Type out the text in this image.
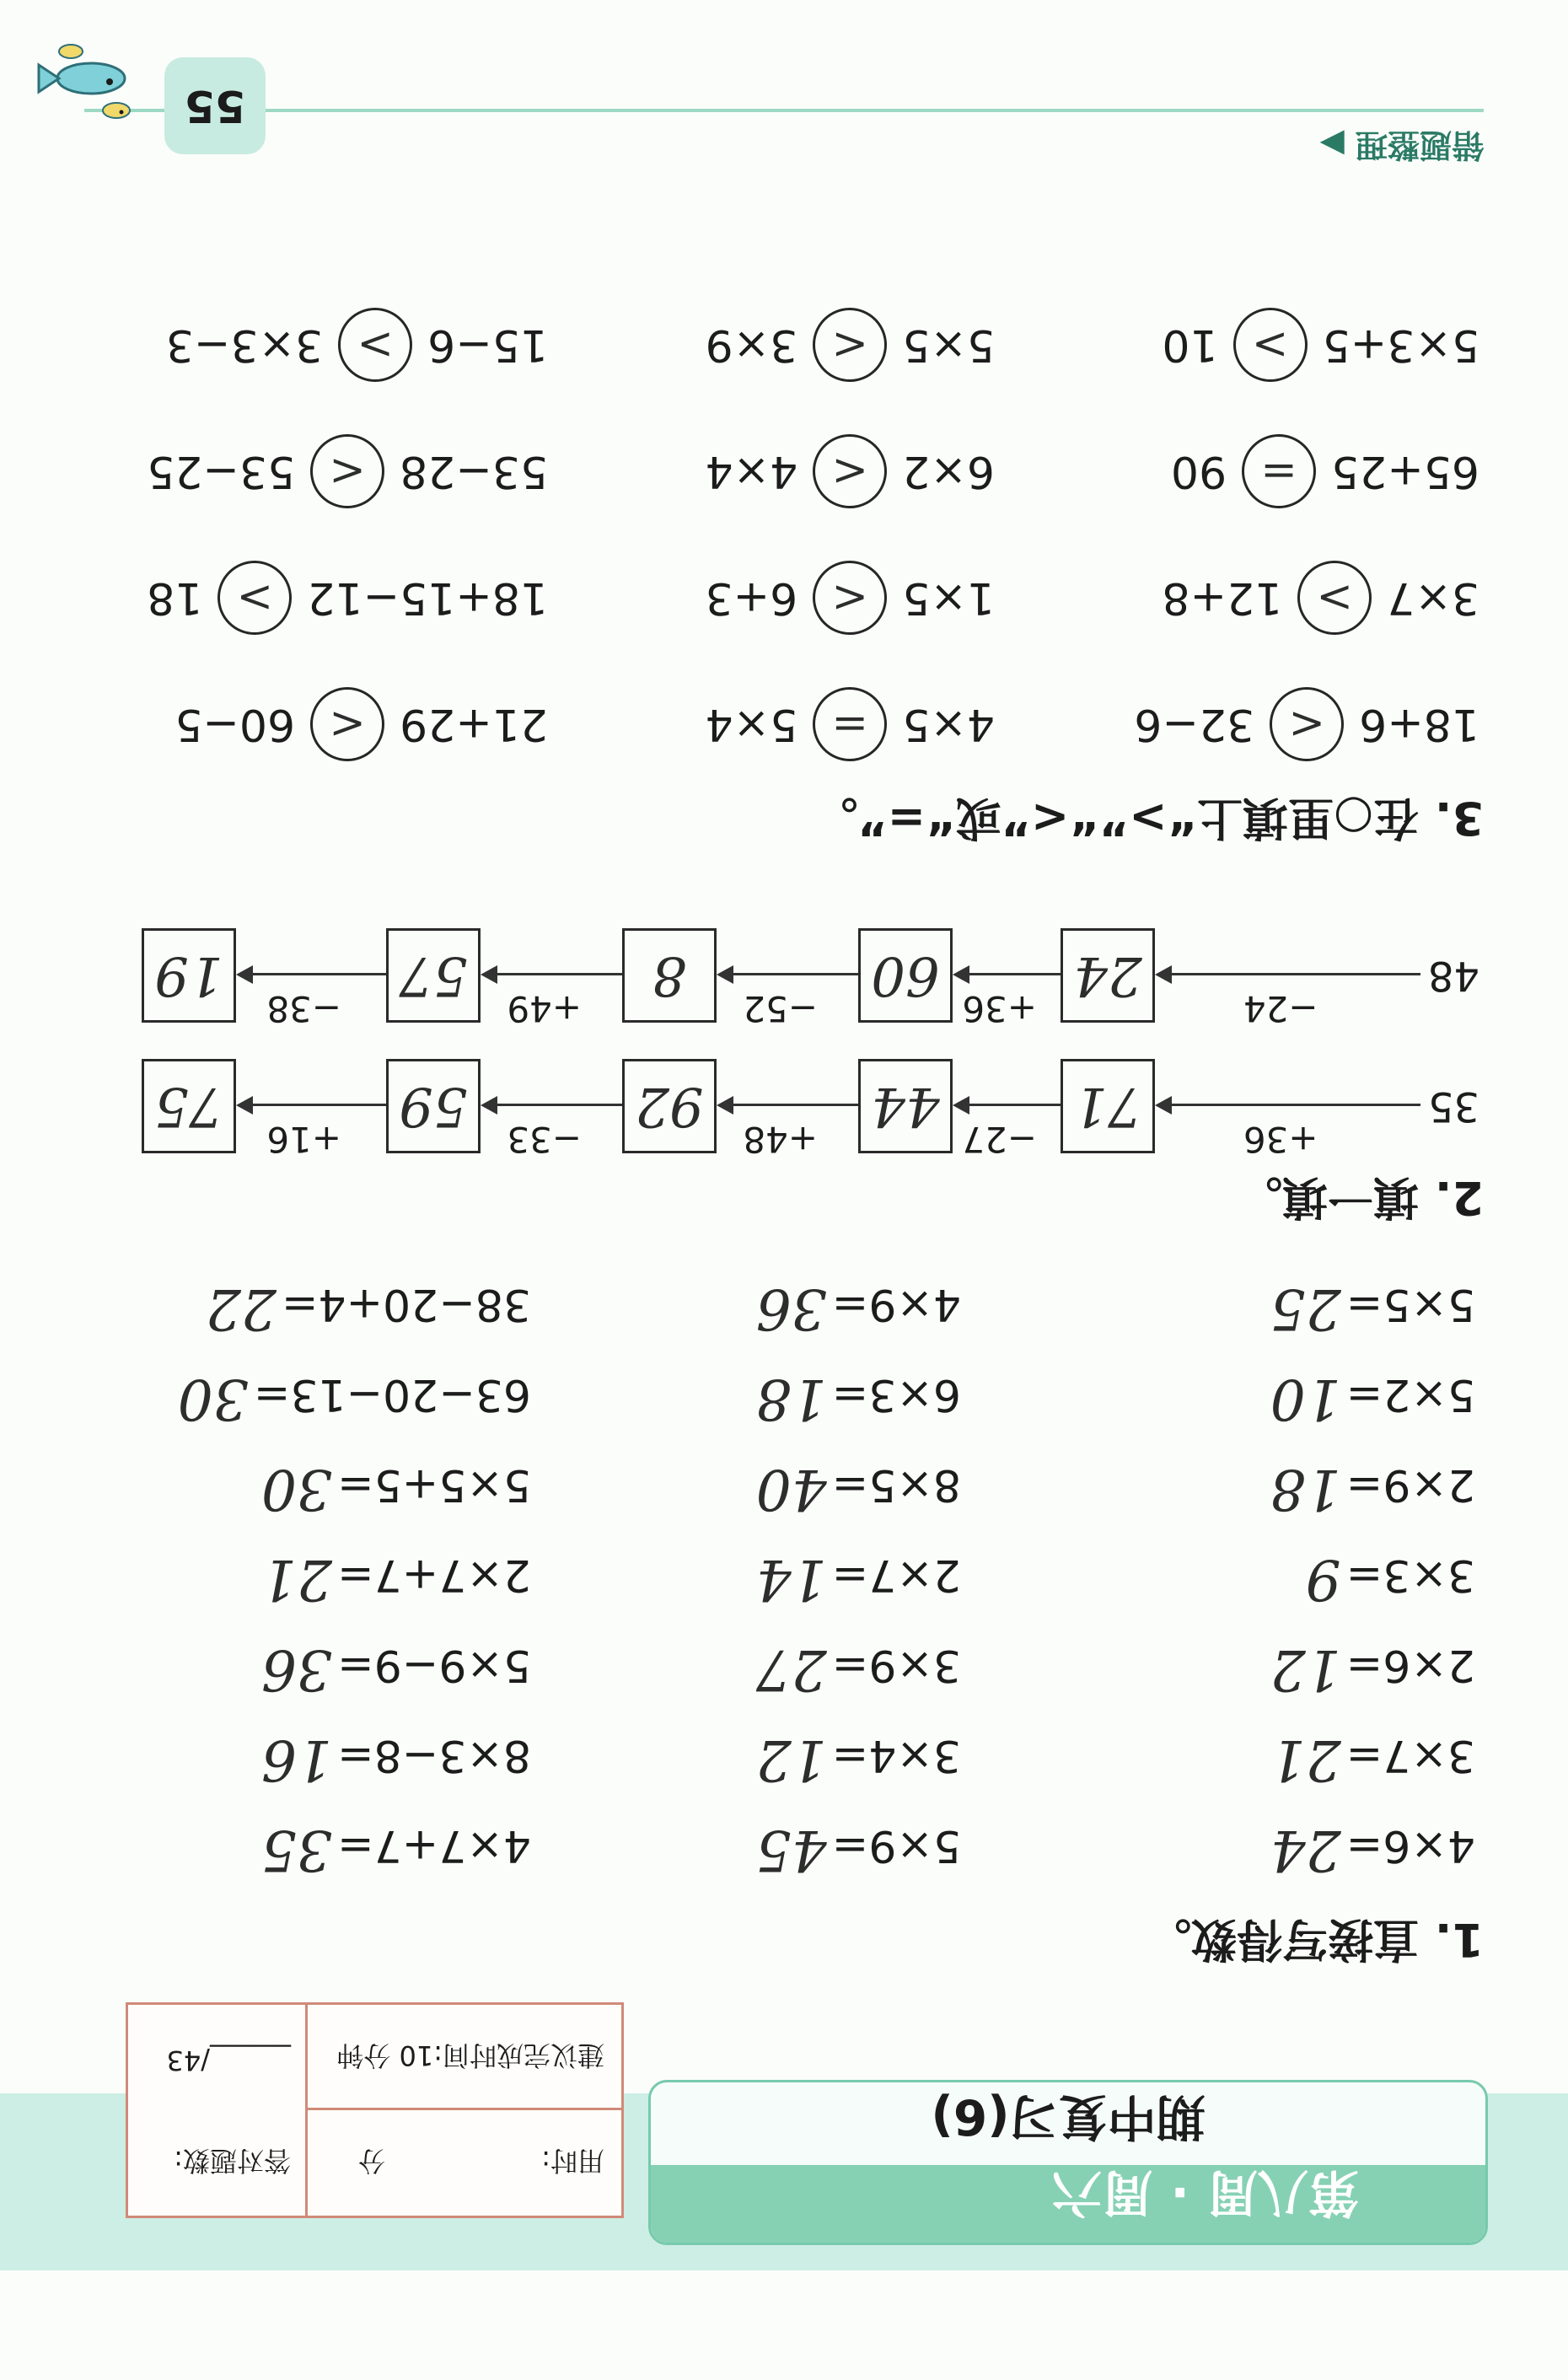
第八周 · 周六
期中复习(6)
用时:
分
建议完成时间:10 分钟
答对题数:
______/43
1. 直接写得数。
4×6=24
3×7=21
2×6=12
3×3=9
2×9=18
5×2=10
5×5=25
5×9=45
3×4=12
3×9=27
2×7=14
8×5=40
6×3=18
4×9=36
4×7+7=35
8×3−8=16
5×9−9=36
2×7+7=21
5×5+5=30
63−20−13=30
38−20+4=22
2. 填一填。
35
+36
71
−27
44
+48
92
−33
59
+16
75
48
−24
24
+36
60
−52
8
+49
57
−38
19
3. 在○里填上“>”“<”或“=”。
18+6
<
32−6
4×5
=
5×4
21+29
<
60−5
3×7
>
12+8
1×5
<
6+3
18+15−12
>
18
65+25
=
90
6×2
<
4×4
53−28
<
53−25
5×3+5
>
10
5×5
<
3×9
15−6
>
3×3−3
错题整理 ▶
55
